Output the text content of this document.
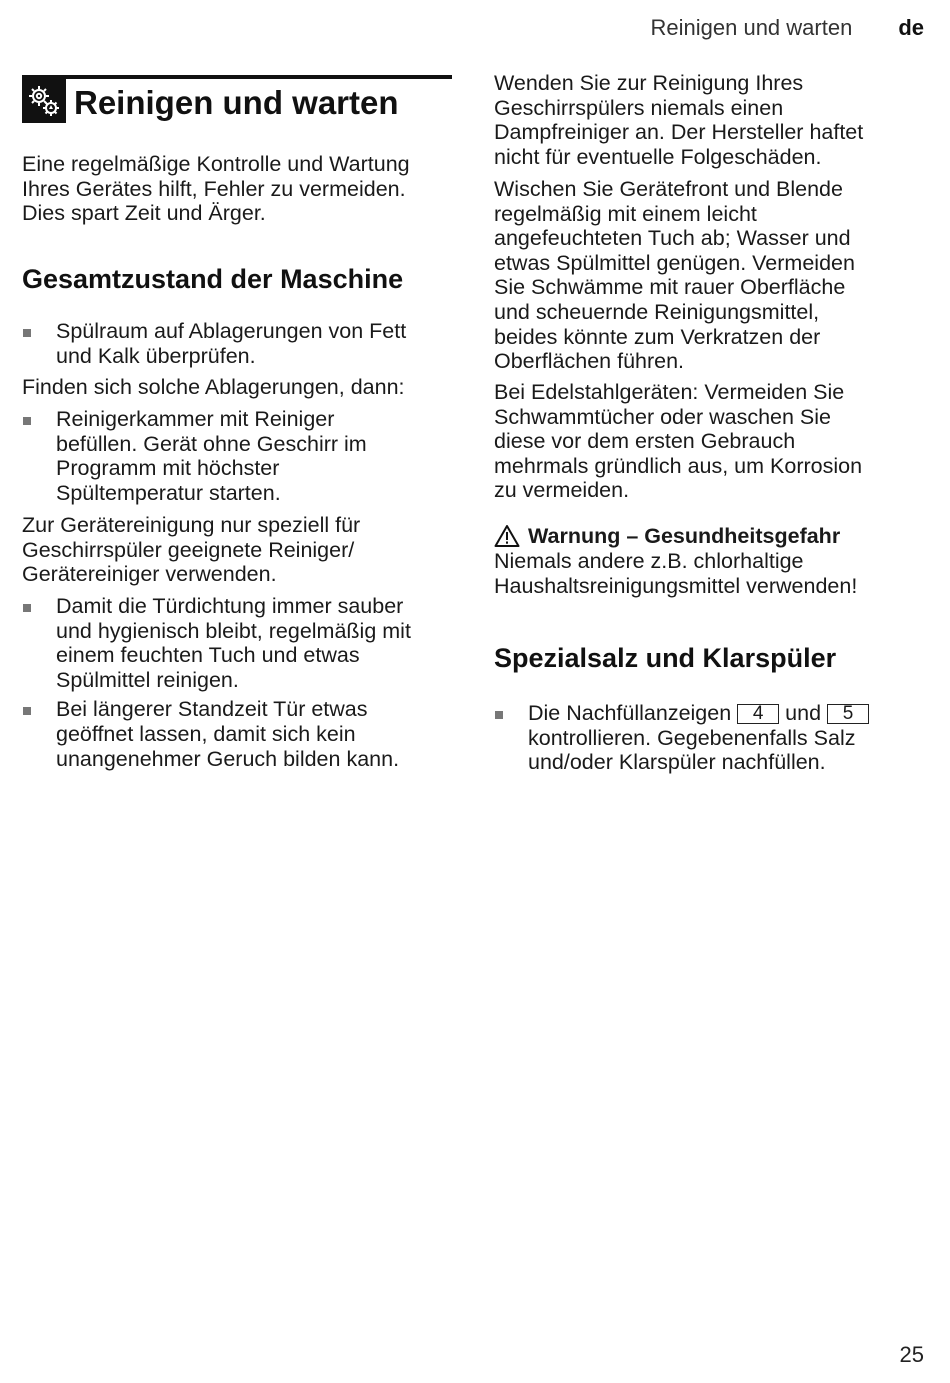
Reinigen und warten de
Reinigen und warten

Eine regelmäßige Kontrolle und Wartung

Ihres Gerätes hilft, Fehler zu vermeiden.

Dies spart Zeit und Ärger.

Gesamtzustand der Maschine
Spülraum auf Ablagerungen von Fett
und Kalk überprüfen.

Finden sich solche Ablagerungen, dann:

Reinigerkammer mit Reiniger
befüllen. Gerät ohne Geschirr im
Programm mit höchster
Spültemperatur starten.

Zur Gerätereinigung nur speziell für

Geschirrspüler geeignete Reiniger/

Gerätereiniger verwenden.

Damit die Türdichtung immer sauber
und hygienisch bleibt, regelmäßig mit
einem feuchten Tuch und etwas
Spülmittel reinigen.
Bei längerer Standzeit Tür etwas
geöffnet lassen, damit sich kein
unangenehmer Geruch bilden kann.

Wenden Sie zur Reinigung Ihres

Geschirrspülers niemals einen

Dampfreiniger an. Der Hersteller haftet

nicht für eventuelle Folgeschäden.

Wischen Sie Gerätefront und Blende

regelmäßig mit einem leicht

angefeuchteten Tuch ab; Wasser und

etwas Spülmittel genügen. Vermeiden

Sie Schwämme mit rauer Oberfläche

und scheuernde Reinigungsmittel,

beides könnte zum Verkratzen der

Oberflächen führen.

Bei Edelstahlgeräten: Vermeiden Sie

Schwammtücher oder waschen Sie

diese vor dem ersten Gebrauch

mehrmals gründlich aus, um Korrosion

zu vermeiden.

Warnung – Gesundheitsgefahr

Niemals andere z.B. chlorhaltige

Haushaltsreinigungsmittel verwenden!

Spezialsalz und Klarspüler
Die Nachfüllanzeigen 4 und 5
kontrollieren. Gegebenenfalls Salz
und/oder Klarspüler nachfüllen.
25
